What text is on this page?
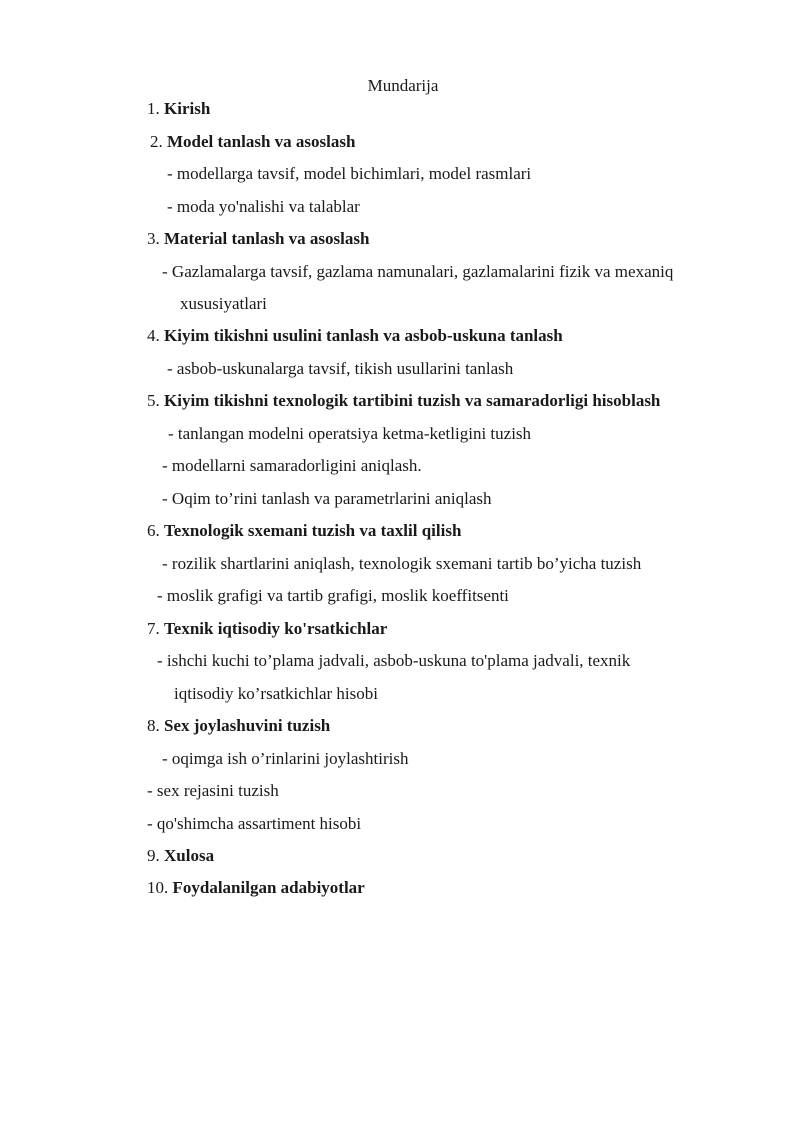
Mundarija
1. Kirish
2. Model tanlash va asoslash
- modellarga tavsif, model bichimlari, model rasmlari
- moda yo'nalishi va talablar
3. Material tanlash va asoslash
- Gazlamalarga tavsif, gazlama namunalari, gazlamalarini fizik va mexaniq
xususiyatlari
4. Kiyim tikishni usulini tanlash va asbob-uskuna tanlash
- asbob-uskunalarga tavsif, tikish usullarini tanlash
5. Kiyim tikishni texnologik tartibini tuzish va samaradorligi hisoblash
- tanlangan modelni operatsiya ketma-ketligini tuzish
- modellarni samaradorligini aniqlash.
- Oqim to’rini tanlash va parametrlarini aniqlash
6. Texnologik sxemani tuzish va taxlil qilish
- rozilik shartlarini aniqlash, texnologik sxemani tartib bo’yicha tuzish
- moslik grafigi va tartib grafigi, moslik koeffitsenti
7. Texnik iqtisodiy ko'rsatkichlar
- ishchi kuchi to’plama jadvali, asbob-uskuna to'plama jadvali, texnik
iqtisodiy ko’rsatkichlar hisobi
8. Sex joylashuvini tuzish
- oqimga ish o’rinlarini joylashtirish
- sex rejasini tuzish
- qo'shimcha assartiment hisobi
9. Xulosa
10. Foydalanilgan adabiyotlar
